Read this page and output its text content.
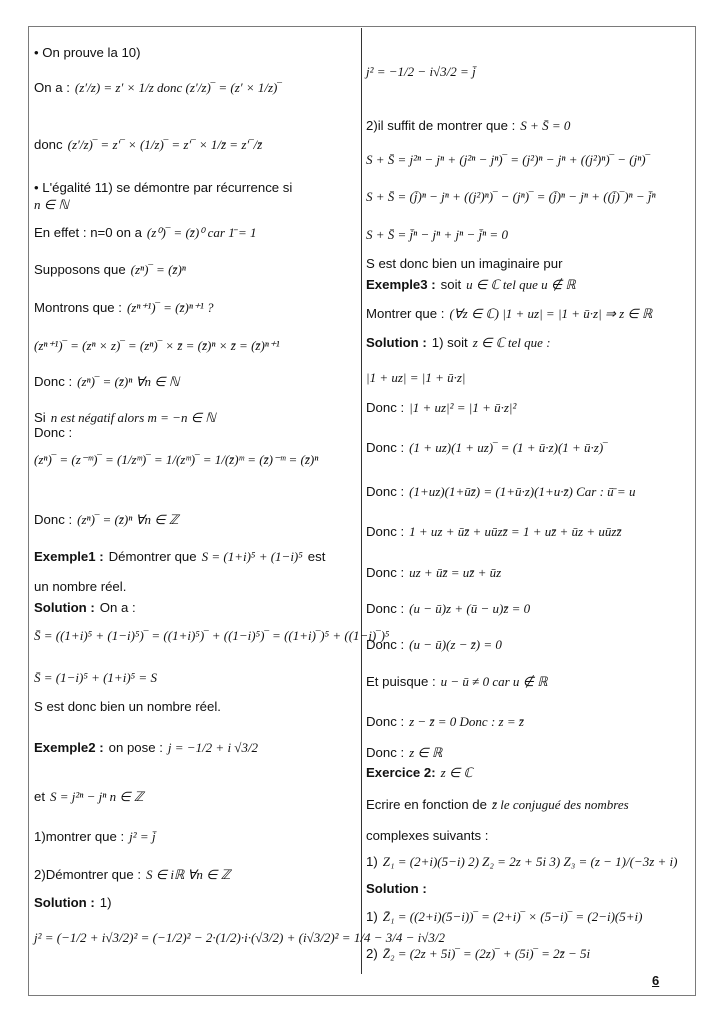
• On prouve la 10)
On a : (z′/z) = z′ × 1/z donc (z′/z)‾ = (z′ × 1/z)‾
donc (z′/z)‾ = z′‾ × (1/z)‾ = z′‾ × 1/z̄ = z′‾/z̄
• L'égalité 11) se démontre par récurrence si
n ∈ ℕ
En effet : n=0 on a (z⁰)‾ = (z̄)⁰ car 1̄ = 1
Supposons que (zⁿ)‾ = (z̄)ⁿ
Montrons que : (zⁿ⁺¹)‾ = (z̄)ⁿ⁺¹ ?
(zⁿ⁺¹)‾ = (zⁿ × z)‾ = (zⁿ)‾ × z̄ = (z̄)ⁿ × z̄ = (z̄)ⁿ⁺¹
Donc : (zⁿ)‾ = (z̄)ⁿ ∀n ∈ ℕ
Si n est négatif alors m = −n ∈ ℕ
Donc :
(zⁿ)‾ = (z⁻ᵐ)‾ = (1/zᵐ)‾ = 1/(zᵐ)‾ = 1/(z̄)ᵐ = (z̄)⁻ᵐ = (z̄)ⁿ
Donc : (zⁿ)‾ = (z̄)ⁿ ∀n ∈ ℤ
Exemple1 : Démontrer que S = (1+i)⁵ + (1−i)⁵ est
un nombre réel.
Solution : On a :
S̄ = ((1+i)⁵ + (1−i)⁵)‾ = ((1+i)⁵)‾ + ((1−i)⁵)‾ = ((1+i)‾)⁵ + ((1−i)‾)⁵
S̄ = (1−i)⁵ + (1+i)⁵ = S
S est donc bien un nombre réel.
Exemple2 : on pose : j = −1/2 + i √3/2
et S = j²ⁿ − jⁿ n ∈ ℤ
1)montrer que : j² = j̄
2)Démontrer que : S ∈ iℝ ∀n ∈ ℤ
Solution : 1)
j² = (−1/2 + i√3/2)² = (−1/2)² − 2·(1/2)·i·(√3/2) + (i√3/2)² = 1/4 − 3/4 − i√3/2
j² = −1/2 − i√3/2 = j̄
2)il suffit de montrer que : S + S̄ = 0
S + S̄ = j²ⁿ − jⁿ + (j²ⁿ − jⁿ)‾ = (j²)ⁿ − jⁿ + ((j²)ⁿ)‾ − (jⁿ)‾
S + S̄ = (j̄)ⁿ − jⁿ + ((j²)ⁿ)‾ − (jⁿ)‾ = (j̄)ⁿ − jⁿ + ((j̄)‾)ⁿ − j̄ⁿ
S + S̄ = j̄ⁿ − jⁿ + jⁿ − j̄ⁿ = 0
S est donc bien un imaginaire pur
Exemple3 : soit u ∈ ℂ tel que u ∉ ℝ
Montrer que : (∀z ∈ ℂ) |1 + uz| = |1 + ū·z| ⇒ z ∈ ℝ
Solution : 1) soit z ∈ ℂ tel que :
|1 + uz| = |1 + ū·z|
Donc : |1 + uz|² = |1 + ū·z|²
Donc : (1 + uz)(1 + uz)‾ = (1 + ū·z)(1 + ū·z)‾
Donc : (1+uz)(1+ūz̄) = (1+ū·z)(1+u·z̄) Car : ū̄ = u
Donc : 1 + uz + ūz̄ + uūzz̄ = 1 + uz̄ + ūz + uūzz̄
Donc : uz + ūz̄ = uz̄ + ūz
Donc : (u − ū)z + (ū − u)z̄ = 0
Donc : (u − ū)(z − z̄) = 0
Et puisque : u − ū ≠ 0 car u ∉ ℝ
Donc : z − z̄ = 0 Donc : z = z̄
Donc : z ∈ ℝ
Exercice 2: z ∈ ℂ
Ecrire en fonction de z̄ le conjugué des nombres
complexes suivants :
1) Z₁ = (2+i)(5−i) 2) Z₂ = 2z + 5i 3) Z₃ = (z − 1)/(−3z + i)
Solution :
1) Z̄₁ = ((2+i)(5−i))‾ = (2+i)‾ × (5−i)‾ = (2−i)(5+i)
2) Z̄₂ = (2z + 5i)‾ = (2z)‾ + (5i)‾ = 2z̄ − 5i
6
